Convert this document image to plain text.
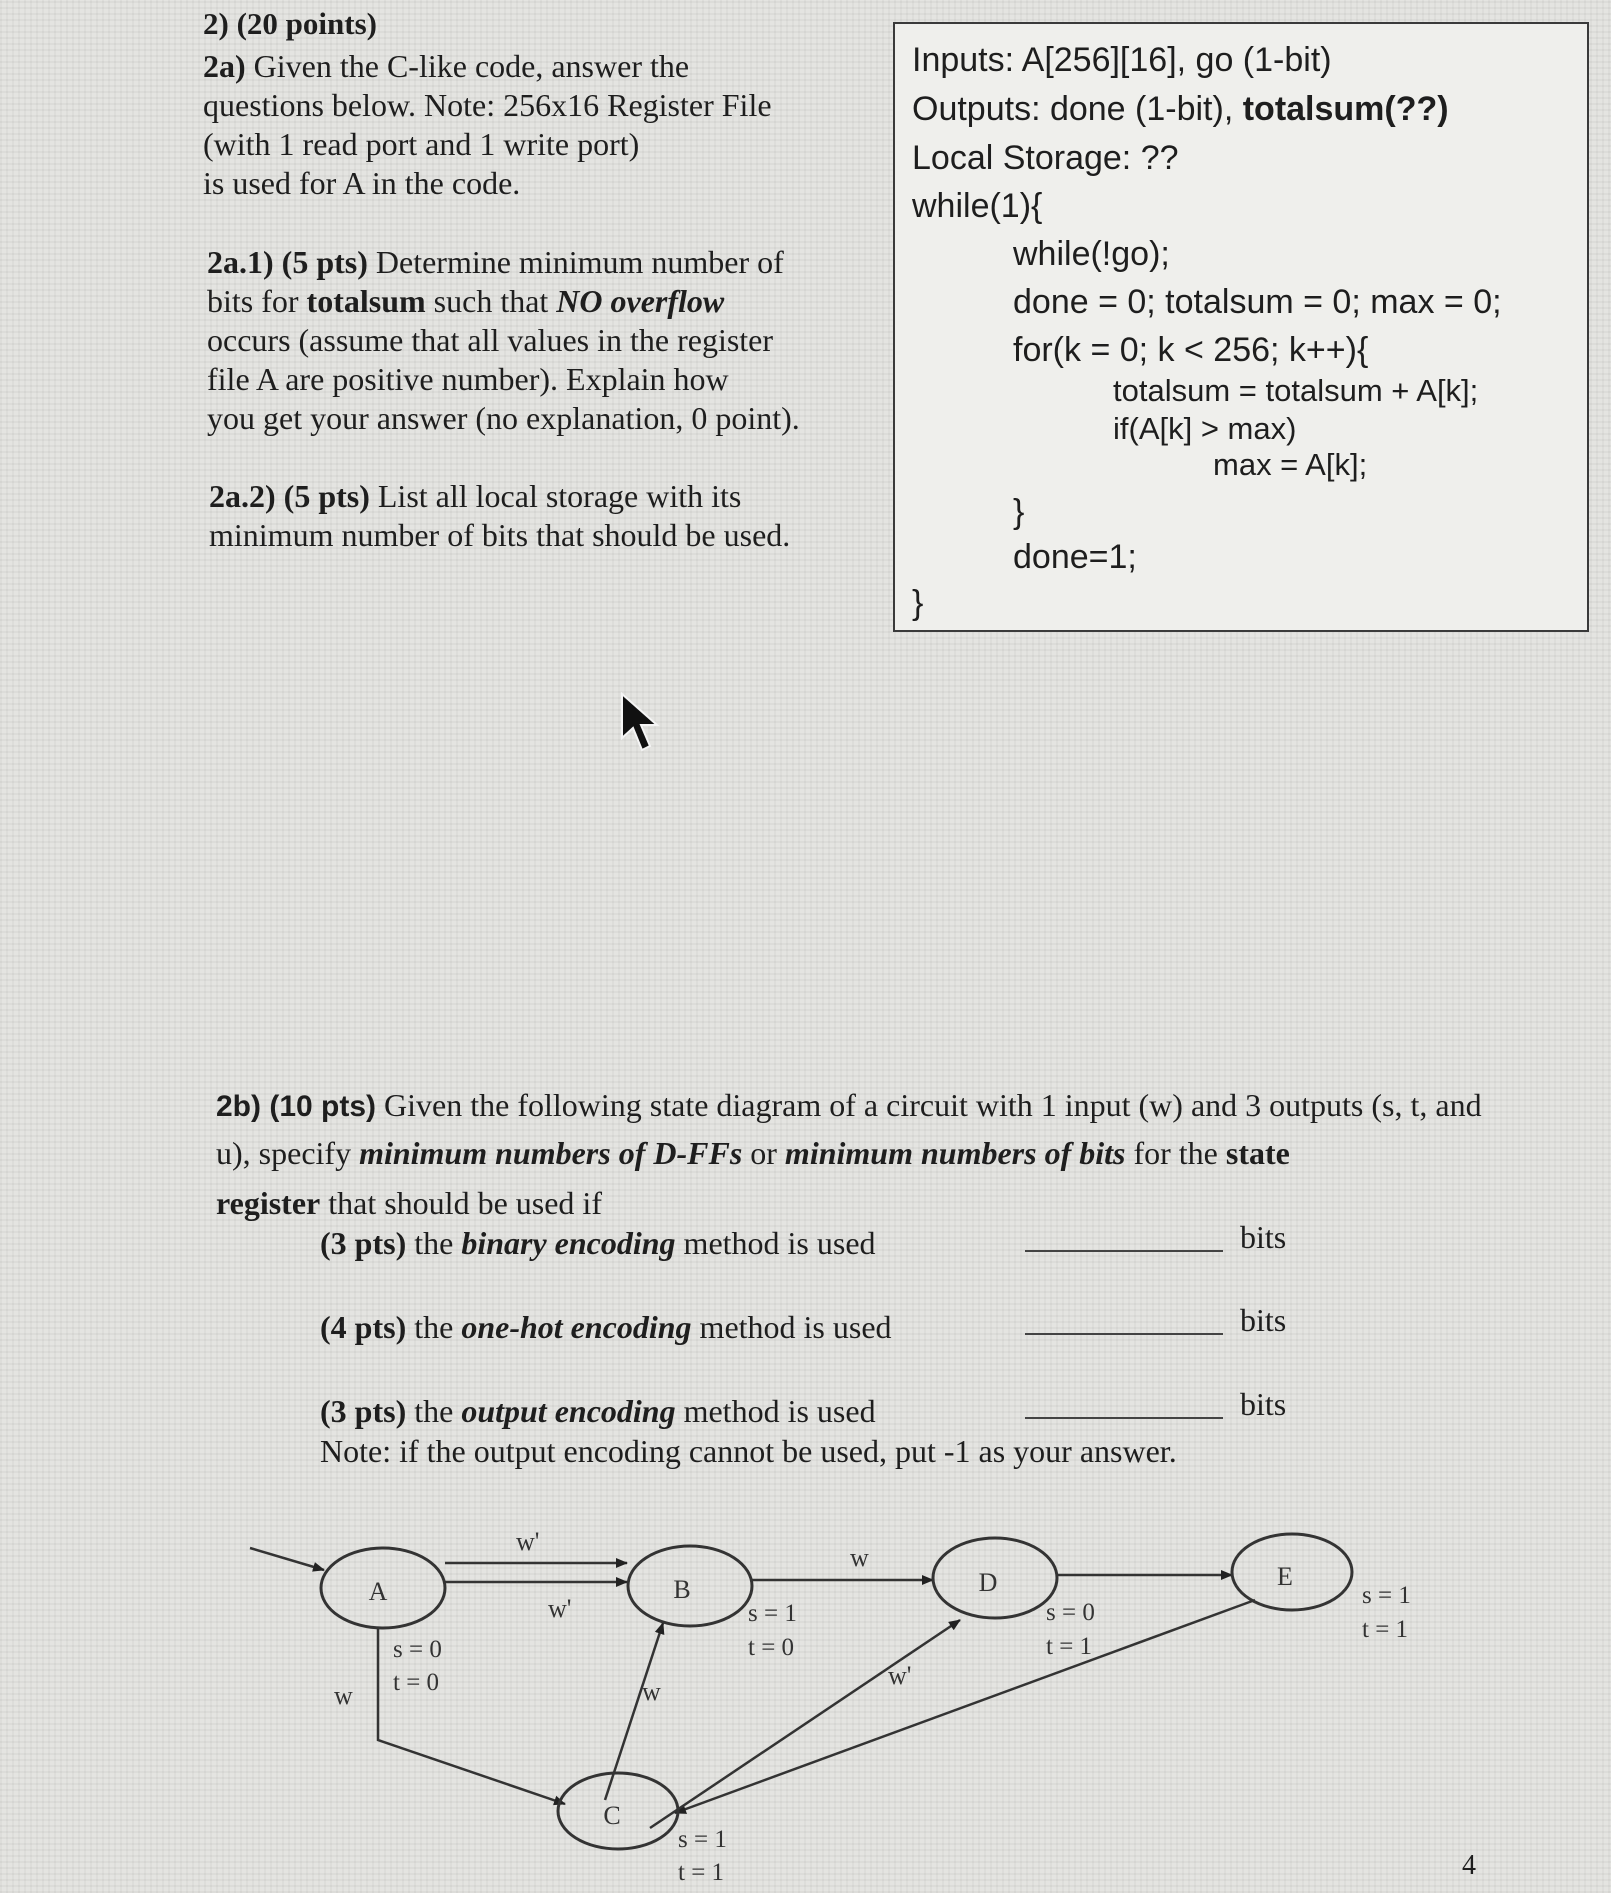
2) (20 points)
2a) Given the C-like code, answer the
questions below. Note: 256x16 Register File
(with 1 read port and 1 write port)
is used for A in the code.
2a.1) (5 pts) Determine minimum number of
bits for totalsum such that NO overflow
occurs (assume that all values in the register
file A are positive number). Explain how
you get your answer (no explanation, 0 point).
2a.2) (5 pts) List all local storage with its
minimum number of bits that should be used.
Inputs: A[256][16], go (1-bit)
Outputs: done (1-bit), totalsum(??)
Local Storage: ??
while(1){
while(!go);
done = 0; totalsum = 0; max = 0;
for(k = 0; k < 256; k++){
totalsum = totalsum + A[k];
if(A[k] > max)
max = A[k];
}
done=1;
}
2b) (10 pts) Given the following state diagram of a circuit with 1 input (w) and 3 outputs (s, t, and
u), specify minimum numbers of D-FFs or minimum numbers of bits for the state
register that should be used if
(3 pts) the binary encoding method is used	bits
(4 pts) the one-hot encoding method is used	bits
(3 pts) the output encoding method is used	bits
Note: if the output encoding cannot be used, put -1 as your answer.
A	B
C
D	E
w'
w'
w	w
w
w'
s = 0
t = 0
s = 1
t = 0
s = 1
t = 1
s = 0
t = 1
s = 1
t = 1
4
